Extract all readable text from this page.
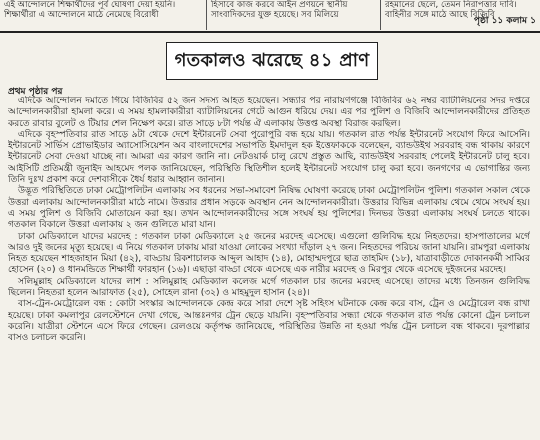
এই আন্দোলনে শিক্ষার্থীদের পূর্ব ঘোষণা দেয়া হয়নি।
শিক্ষার্থীরা এ আন্দোলনে মাঠে নেমেছে বিরোধী
হিসাবে কাজ করবে আইন প্রণয়নে স্থানীয়
সাংবাদিকদের যুক্ত হয়েছে। সব মিলিয়ে
রহমানের ছেলে, তেমন নিরাপত্তার দাবি।
বাহিনীর সঙ্গে মাঠে আছে বিজিবি
পৃষ্ঠা ১১ কলাম ১
গতকালও ঝরেছে ৪১ প্রাণ
প্রথম পৃষ্ঠার পর

এদিকে আন্দোলন দমাতে গিয়ে বিজিবির ৫২ জন সদস্য আহত হয়েছেন। সন্ধ্যার পর নারায়ণগঞ্জে বিজিবির ৬২ নম্বর ব্যাটালিয়নের সদর দপ্তরে আন্দোলনকারীরা হামলা করে। এ সময় হামলাকারীরা ব্যাটালিয়নের গেটে আগুন ধরিয়ে দেয়। এর পর পুলিশ ও বিজিবি আন্দোলনকারীদের প্রতিহত করতে রাবার বুলেট ও টিয়ার শেল নিক্ষেপ করে। রাত সাড়ে ৮টা পর্যন্ত ঐ এলাকায় উত্তপ্ত অবস্থা বিরাজ করছিল।

এদিকে বৃহস্পতিবার রাত সাড়ে ৯টা থেকে দেশে ইন্টারনেট সেবা পুরোপুরি বন্ধ হয়ে যায়। গতকাল রাত পর্যন্ত ইন্টারনেট সংযোগ ফিরে আসেনি। ইন্টারনেট সার্ভিস প্রোভাইডার অ্যাসোসিয়েশন অব বাংলাদেশের সভাপতি ইমদাদুল হক ইত্তেফাককে বলেছেন, ব্যান্ডউইথ সরবরাহ বন্ধ থাকায় কারণে ইন্টারনেট সেবা দেওয়া যাচ্ছে না। আমরা এর কারণ জানি না। নেটওয়ার্ক চালু রেখে প্রস্তুত আছি, ব্যান্ডউইথ সরবরাহ পেলেই ইন্টারনেট চালু হবে। আইসিটি প্রতিমন্ত্রী জুনাইদ আহমেদ পলক জানিয়েছেন, পরিস্থিতি স্থিতিশীল হলেই ইন্টারনেট সংযোগ চালু করা হবে। জনগণের এ ভোগান্তির জন্য তিনি দুঃখ প্রকাশ করে দেশবাসীকে ধৈর্য ধরার আহ্বান জানান।

উদ্ভূত পরিস্থিতিতে ঢাকা মেট্রোপলিটন এলাকায় সব ধরনের সভা-সমাবেশ নিষিদ্ধ ঘোষণা করেছে ঢাকা মেট্রোপলিটন পুলিশ। গতকাল সকাল থেকে উত্তরা এলাকায় আন্দোলনকারীরা মাঠে নামে। উত্তরার প্রধান সড়কে অবস্থান নেন আন্দোলনকারীরা। উত্তরার বিভিন্ন এলাকায় থেমে থেমে সংঘর্ষ হয়। এ সময় পুলিশ ও বিজিবি মোতায়েন করা হয়। তখন আন্দোলনকারীদের সঙ্গে সংঘর্ষ হয় পুলিশের। দিনভর উত্তরা এলাকায় সংঘর্ষ চলতে থাকে। গতকাল বিকালে উত্তরা এলাকায় ২ জন গুলিতে মারা যান।

ঢাকা মেডিক্যালে যাদের মরদেহ : গতকাল ঢাকা মেডিক্যালে ২৫ জনের মরদেহ এসেছে। এগুলো গুলিবিদ্ধ হয়ে নিহতদের। হাসপাতালের মর্গে আরও দুই জনের মৃত্যু হয়েছে। এ নিয়ে গতকাল ঢাকায় মারা যাওয়া লোকের সংখ্যা দাঁড়াল ২৭ জন। নিহতদের পরিচয় জানা যায়নি। রামপুরা এলাকায় নিহত হয়েছেন শাহজাহান মিয়া (৪২), বাড্ডায় রিকশাচালক আব্দুল আহাদ (১৪), মোহাম্মদপুরে ছাত্র তাহমিদ (১৮), যাত্রাবাড়ীতে দোকানকর্মী সাব্বির হোসেন (২০) ও ধানমন্ডিতে শিক্ষার্থী ফারহান (১৬)। এছাড়া বাড্ডা থেকে এসেছে এক নারীর মরদেহ ও মিরপুর থেকে এসেছে দুইজনের মরদেহ।

সলিমুল্লাহ মেডিক্যালে যাদের লাশ : সলিমুল্লাহ মেডিক্যাল কলেজ মর্গে গতকাল চার জনের মরদেহ এসেছে। তাদের মধ্যে তিনজন গুলিবিদ্ধ ছিলেন। নিহতরা হলেন আরাফাত (২৫), সোহেল রানা (৩২) ও মাহমুদুল হাসান (২৪)।

বাস-ট্রেন-মেট্রোরেল বন্ধ : কোটা সংস্কার আন্দোলনকে কেন্দ্র করে সারা দেশে সৃষ্ট সহিংস ঘটনাকে কেন্দ্র করে বাস, ট্রেন ও মেট্রোরেল বন্ধ রাখা হয়েছে। ঢাকা কমলাপুর রেলস্টেশনে দেখা গেছে, আন্তঃনগর ট্রেন ছেড়ে যায়নি। বৃহস্পতিবার সন্ধ্যা থেকে গতকাল রাত পর্যন্ত কোনো ট্রেন চলাচল করেনি। যাত্রীরা স্টেশনে এসে ফিরে গেছেন। রেলওয়ে কর্তৃপক্ষ জানিয়েছে, পরিস্থিতির উন্নতি না হওয়া পর্যন্ত ট্রেন চলাচল বন্ধ থাকবে। দূরপাল্লার বাসও চলাচল করেনি।
